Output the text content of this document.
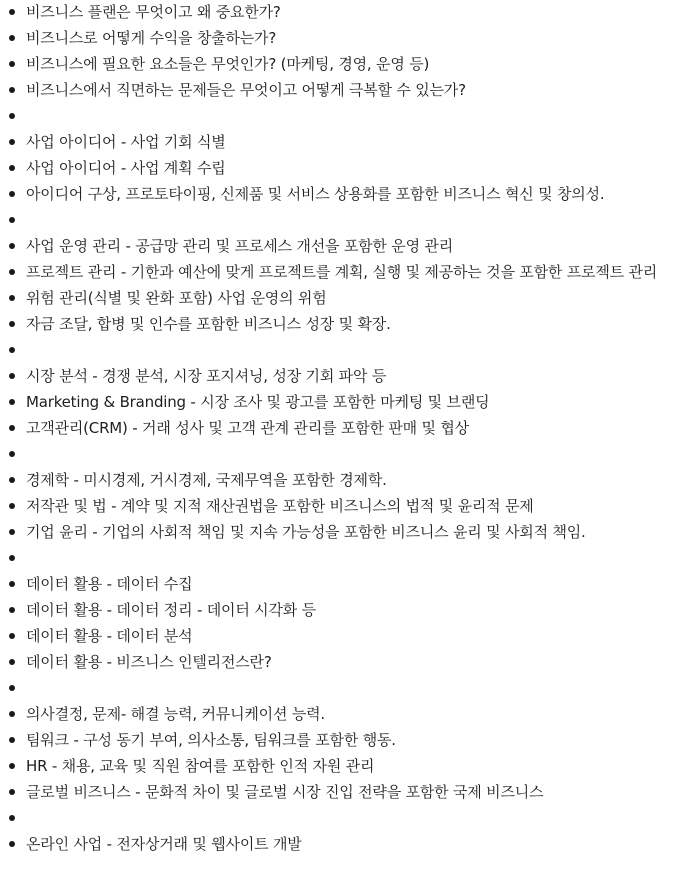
비즈니스 플랜은 무엇이고 왜 중요한가?
비즈니스로 어떻게 수익을 창출하는가?
비즈니스에 필요한 요소들은 무엇인가? (마케팅, 경영, 운영 등)
비즈니스에서 직면하는 문제들은 무엇이고 어떻게 극복할 수 있는가?
사업 아이디어 - 사업 기회 식별
사업 아이디어 - 사업 계획 수립
아이디어 구상, 프로토타이핑, 신제품 및 서비스 상용화를 포함한 비즈니스 혁신 및 창의성.
사업 운영 관리 - 공급망 관리 및 프로세스 개선을 포함한 운영 관리
프로젝트 관리 - 기한과 예산에 맞게 프로젝트를 계획, 실행 및 제공하는 것을 포함한 프로젝트 관리
위험 관리(식별 및 완화 포함) 사업 운영의 위험
자금 조달, 합병 및 인수를 포함한 비즈니스 성장 및 확장.
시장 분석 - 경쟁 분석, 시장 포지셔닝, 성장 기회 파악 등
Marketing & Branding - 시장 조사 및 광고를 포함한 마케팅 및 브랜딩
고객관리(CRM) - 거래 성사 및 고객 관계 관리를 포함한 판매 및 협상
경제학 - 미시경제, 거시경제, 국제무역을 포함한 경제학.
저작관 및 법 - 계약 및 지적 재산권법을 포함한 비즈니스의 법적 및 윤리적 문제
기업 윤리 - 기업의 사회적 책임 및 지속 가능성을 포함한 비즈니스 윤리 및 사회적 책임.
데이터 활용 - 데이터 수집
데이터 활용 - 데이터 정리 - 데이터 시각화 등
데이터 활용 - 데이터 분석
데이터 활용 - 비즈니스 인텔리전스란?
의사결정, 문제- 해결 능력, 커뮤니케이션 능력.
팀워크 - 구성 동기 부여, 의사소통, 팀워크를 포함한 행동.
HR - 채용, 교육 및 직원 참여를 포함한 인적 자원 관리
글로벌 비즈니스 - 문화적 차이 및 글로벌 시장 진입 전략을 포함한 국제 비즈니스
온라인 사업 - 전자상거래 및 웹사이트 개발
